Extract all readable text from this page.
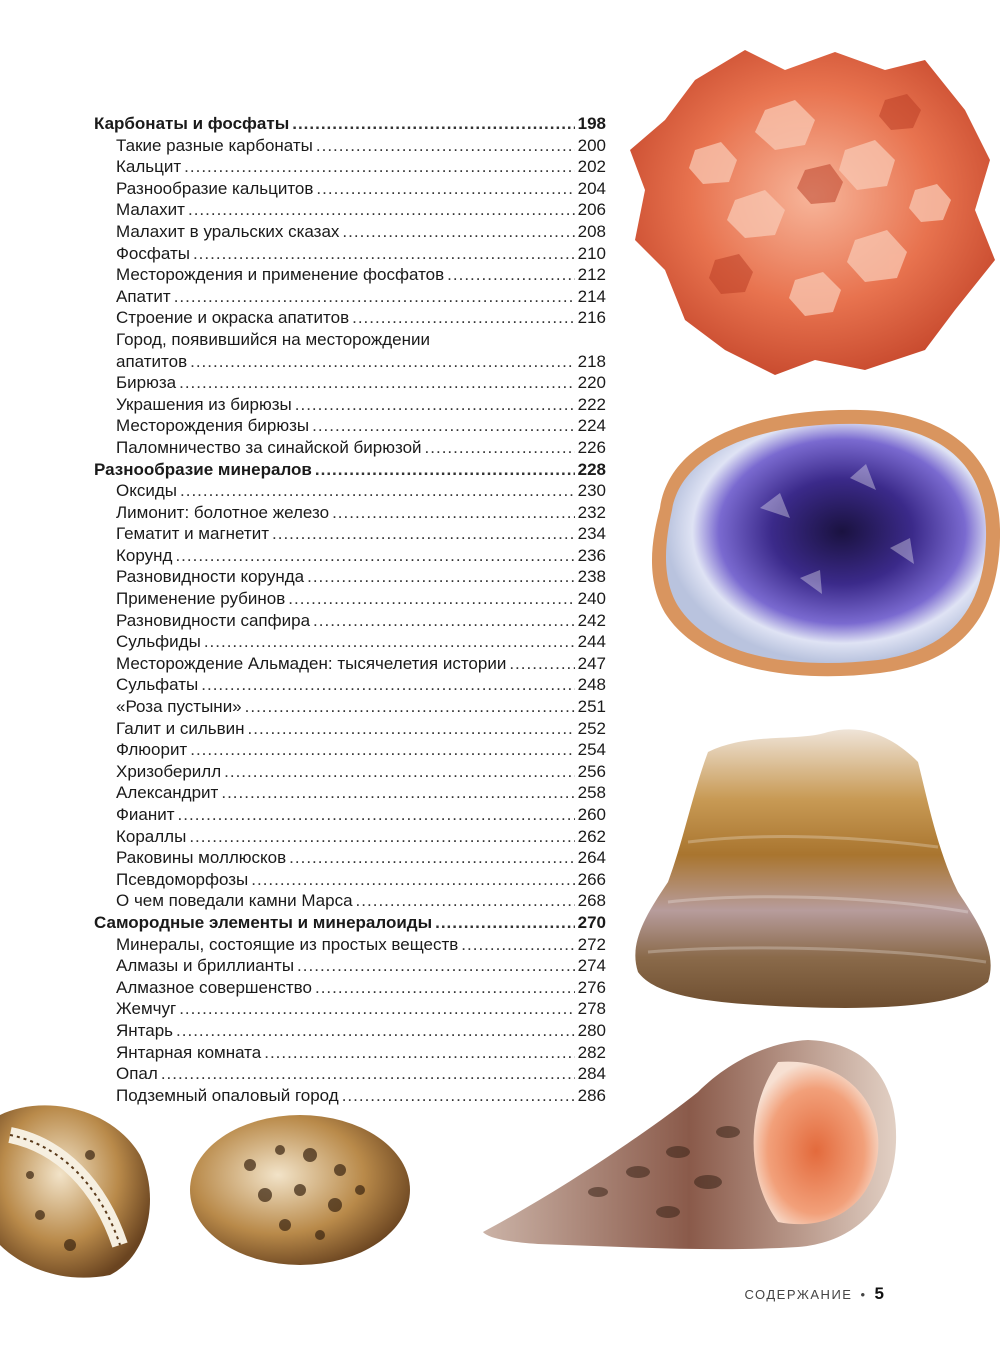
Карбонаты и фосфаты .....	198
Такие разные карбонаты .....	200
Кальцит .....	202
Разнообразие кальцитов .....	204
Малахит .....	206
Малахит в уральских сказах .....	208
Фосфаты .....	210
Месторождения и применение фосфатов .....	212
Апатит .....	214
Строение и окраска апатитов .....	216
Город, появившийся на месторождении
апатитов .....	218
Бирюза .....	220
Украшения из бирюзы .....	222
Месторождения бирюзы .....	224
Паломничество за синайской бирюзой .....	226
Разнообразие минералов .....	228
Оксиды .....	230
Лимонит: болотное железо .....	232
Гематит и магнетит .....	234
Корунд .....	236
Разновидности корунда .....	238
Применение рубинов .....	240
Разновидности сапфира .....	242
Сульфиды .....	244
Месторождение Альмаден: тысячелетия истории .....	247
Сульфаты .....	248
«Роза пустыни» .....	251
Галит и сильвин .....	252
Флюорит .....	254
Хризоберилл .....	256
Александрит .....	258
Фианит .....	260
Кораллы .....	262
Раковины моллюсков .....	264
Псевдоморфозы .....	266
О чем поведали камни Марса .....	268
Самородные элементы и минералоиды .....	270
Минералы, состоящие из простых веществ .....	272
Алмазы и бриллианты .....	274
Алмазное совершенство .....	276
Жемчуг .....	278
Янтарь .....	280
Янтарная комната .....	282
Опал .....	284
Подземный опаловый город .....	286
СОДЕРЖАНИЕ • 5
